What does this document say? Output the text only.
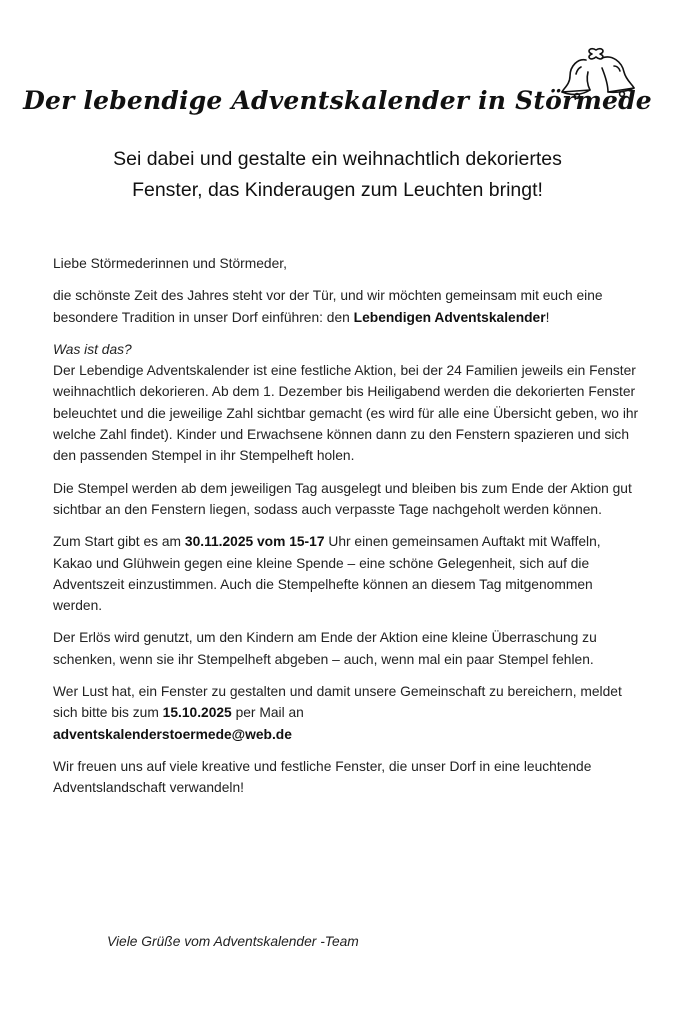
Der lebendige Adventskalender in Störmede
Sei dabei und gestalte ein weihnachtlich dekoriertes
Fenster, das Kinderaugen zum Leuchten bringt!

Liebe Störmederinnen und Störmeder,

die schönste Zeit des Jahres steht vor der Tür, und wir möchten gemeinsam mit euch eine besondere Tradition in unser Dorf einführen: den Lebendigen Adventskalender!

Was ist das?

Der Lebendige Adventskalender ist eine festliche Aktion, bei der 24 Familien jeweils ein Fenster weihnachtlich dekorieren. Ab dem 1. Dezember bis Heiligabend werden die dekorierten Fenster beleuchtet und die jeweilige Zahl sichtbar gemacht (es wird für alle eine Übersicht geben, wo ihr welche Zahl findet). Kinder und Erwachsene können dann zu den Fenstern spazieren und sich den passenden Stempel in ihr Stempelheft holen.

Die Stempel werden ab dem jeweiligen Tag ausgelegt und bleiben bis zum Ende der Aktion gut sichtbar an den Fenstern liegen, sodass auch verpasste Tage nachgeholt werden können.

Zum Start gibt es am 30.11.2025 vom 15-17 Uhr einen gemeinsamen Auftakt mit Waffeln, Kakao und Glühwein gegen eine kleine Spende – eine schöne Gelegenheit, sich auf die Adventszeit einzustimmen. Auch die Stempelhefte können an diesem Tag mitgenommen werden.

Der Erlös wird genutzt, um den Kindern am Ende der Aktion eine kleine Überraschung zu schenken, wenn sie ihr Stempelheft abgeben – auch, wenn mal ein paar Stempel fehlen.

Wer Lust hat, ein Fenster zu gestalten und damit unsere Gemeinschaft zu bereichern, meldet sich bitte bis zum 15.10.2025 per Mail an
adventskalenderstoermede@web.de

Wir freuen uns auf viele kreative und festliche Fenster, die unser Dorf in eine leuchtende Adventslandschaft verwandeln!

Viele Grüße vom Adventskalender -Team
